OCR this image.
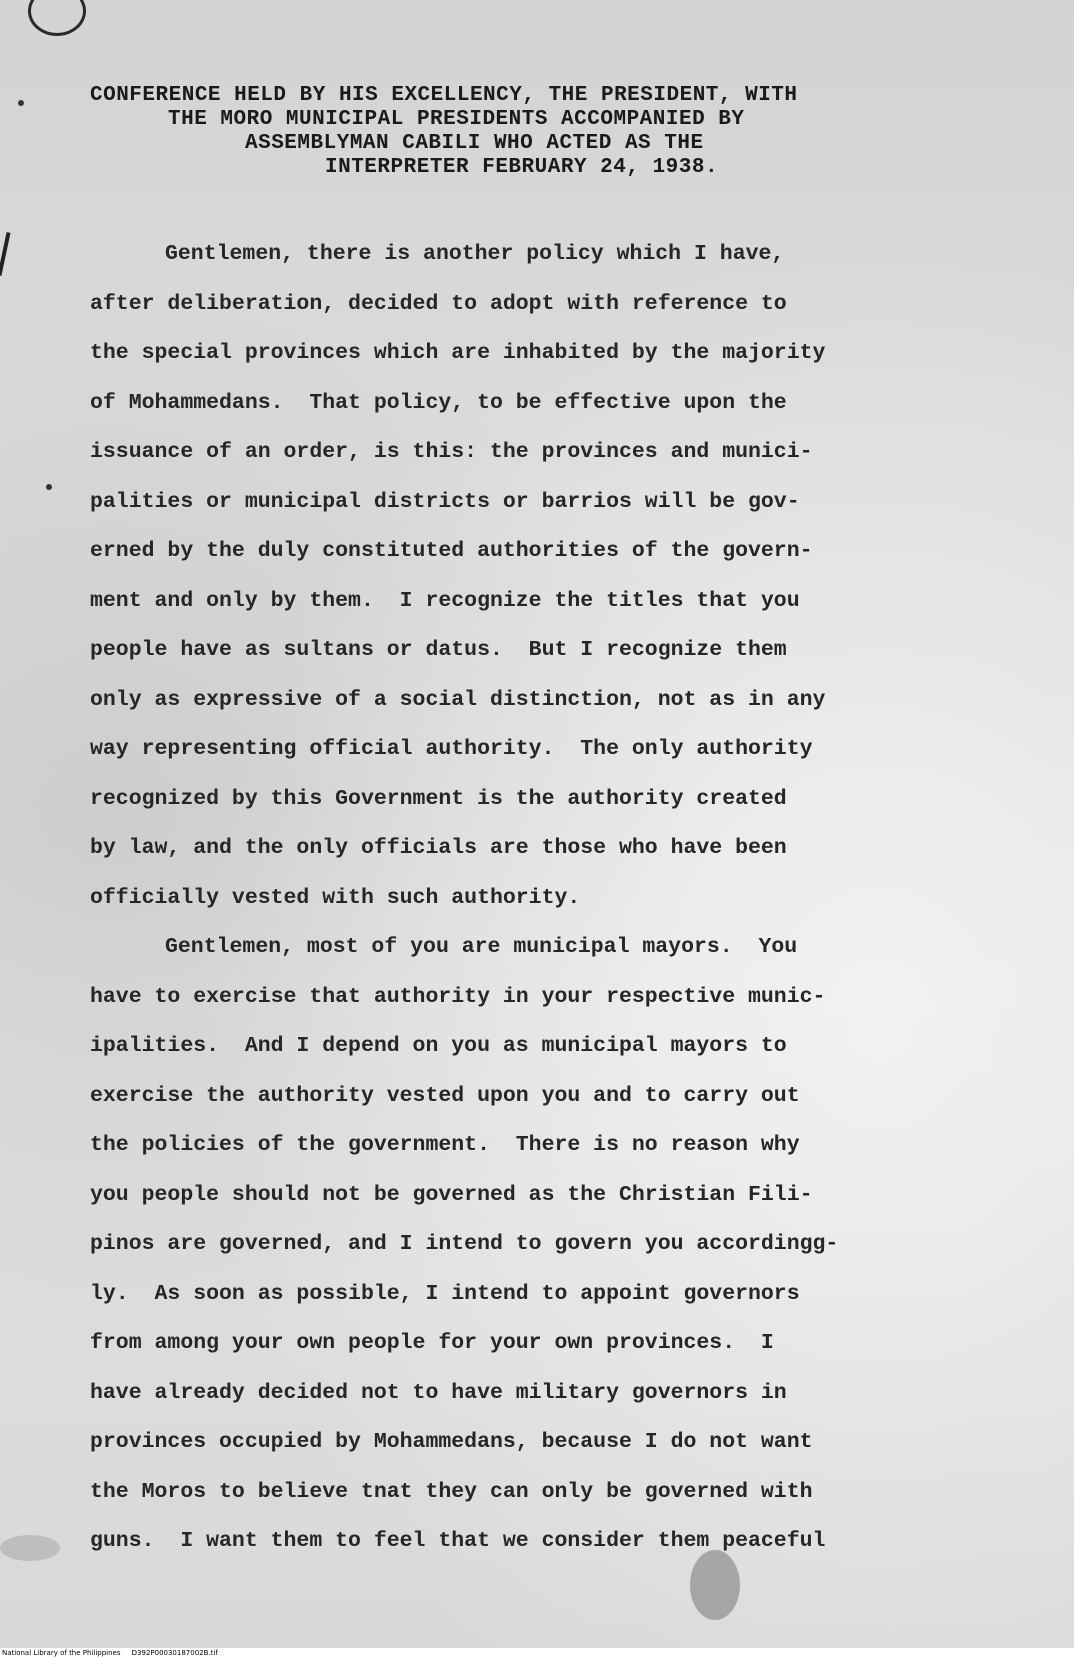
CONFERENCE HELD BY HIS EXCELLENCY, THE PRESIDENT, WITH
THE MORO MUNICIPAL PRESIDENTS ACCOMPANIED BY
ASSEMBLYMAN CABILI WHO ACTED AS THE
INTERPRETER FEBRUARY 24, 1938.
Gentlemen, there is another policy which I have,
after deliberation, decided to adopt with reference to
the special provinces which are inhabited by the majority
of Mohammedans.  That policy, to be effective upon the
issuance of an order, is this: the provinces and munici-
palities or municipal districts or barrios will be gov-
erned by the duly constituted authorities of the govern-
ment and only by them.  I recognize the titles that you
people have as sultans or datus.  But I recognize them
only as expressive of a social distinction, not as in any
way representing official authority.  The only authority
recognized by this Government is the authority created
by law, and the only officials are those who have been
officially vested with such authority.
Gentlemen, most of you are municipal mayors.  You
have to exercise that authority in your respective munic-
ipalities.  And I depend on you as municipal mayors to
exercise the authority vested upon you and to carry out
the policies of the government.  There is no reason why
you people should not be governed as the Christian Fili-
pinos are governed, and I intend to govern you accordingg-
ly.  As soon as possible, I intend to appoint governors
from among your own people for your own provinces.  I
have already decided not to have military governors in
provinces occupied by Mohammedans, because I do not want
the Moros to believe tnat they can only be governed with
guns.  I want them to feel that we consider them peaceful
National Library of the Philippines D392P00030187002B.tif
